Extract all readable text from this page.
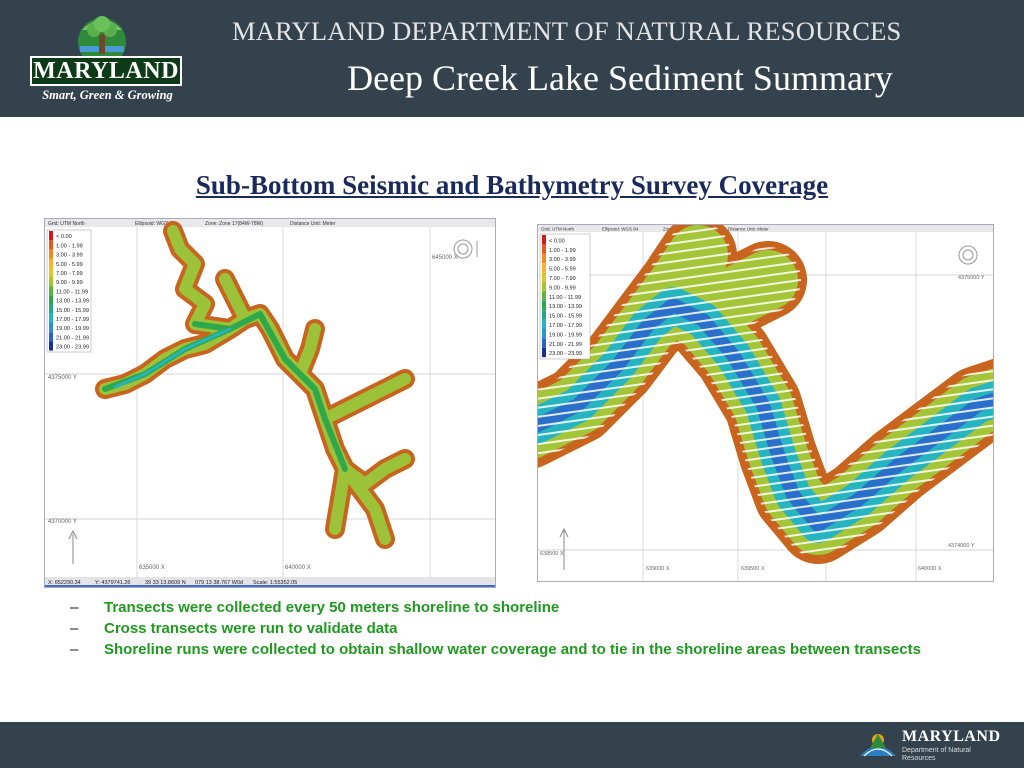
MARYLAND
Smart, Green & Growing
MARYLAND DEPARTMENT OF NATURAL RESOURCES
Deep Creek Lake Sediment Summary
Sub-Bottom Seismic and Bathymetry Survey Coverage
Grid: UTM North	Ellipsoid: WGS 84	Zone: Zone 17(84W-78W)	Distance Unit: Meter
4375000 Y
4370000 Y
635000 X	640000 X
645000 X
< 0.00
1.00 - 1.99
3.00 - 3.99
5.00 - 5.99
7.00 - 7.99
9.00 - 9.99
11.00 - 11.99
13.00 - 13.99
15.00 - 15.99
17.00 - 17.99
19.00 - 19.99
21.00 - 21.99
23.00 - 23.99
X: 652290.34	Y: 4379741.26	39 33 13.8609 N 079 13 38.767 W 0d Scale: 1:55352.05
Grid: UTM North	Ellipsoid: WGS 84	Zone: Zone 17(84W-78W)	Distance Unit: Meter
4375000 Y
4374000 Y
638500 X
639000 X	639500 X	640000 X
< 0.00
1.00 - 1.99
3.00 - 3.99
5.00 - 5.99
7.00 - 7.99
9.00 - 9.99
11.00 - 11.99
13.00 - 13.99
15.00 - 15.99
17.00 - 17.99
19.00 - 19.99
21.00 - 21.99
23.00 - 23.99
– Transects were collected every 50 meters shoreline to shoreline
– Cross transects were run to validate data
– Shoreline runs were collected to obtain shallow water coverage and to tie in the shoreline areas between transects
MARYLAND
Department of Natural Resources
